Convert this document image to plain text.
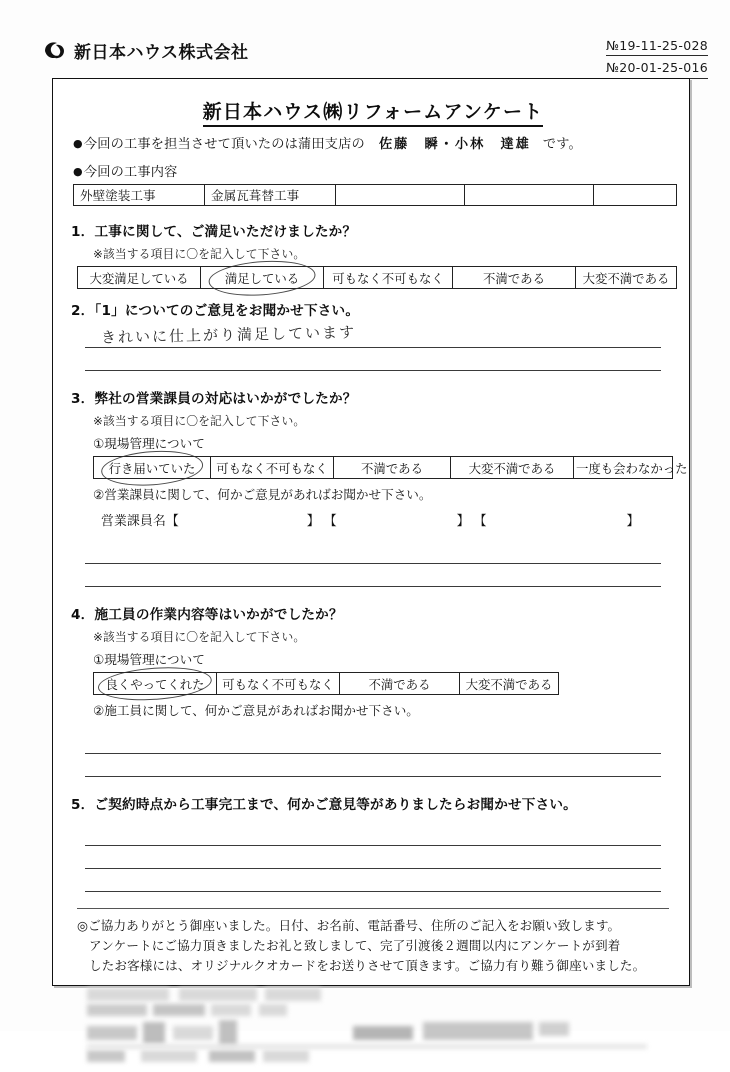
新日本ハウス株式会社	№19-11-25-028
№20-01-25-016
新日本ハウス㈱リフォームアンケート
●今回の工事を担当させて頂いたのは蒲田支店の 佐藤　瞬・小林　達雄 です。
●今回の工事内容
外壁塗装工事	金属瓦葺替工事			
1．工事に関して、ご満足いただけましたか？
※該当する項目に〇を記入して下さい。
大変満足している	満足している	可もなく不可もなく	不満である	大変不満である
2．「1」についてのご意見をお聞かせ下さい。
きれいに仕上がり満足しています
3．弊社の営業課員の対応はいかがでしたか？
※該当する項目に〇を記入して下さい。
①現場管理について
行き届いていた	可もなく不可もなく	不満である	大変不満である	一度も会わなかった
②営業課員に関して、何かご意見があればお聞かせ下さい。
営業課員名【	】 【	】 【	】
4．施工員の作業内容等はいかがでしたか？
※該当する項目に〇を記入して下さい。
①現場管理について
良くやってくれた	可もなく不可もなく	不満である	大変不満である
②施工員に関して、何かご意見があればお聞かせ下さい。
5．ご契約時点から工事完工まで、何かご意見等がありましたらお聞かせ下さい。
◎ご協力ありがとう御座いました。日付、お名前、電話番号、住所のご記入をお願い致します。
アンケートにご協力頂きましたお礼と致しまして、完了引渡後２週間以内にアンケートが到着
したお客様には、オリジナルクオカードをお送りさせて頂きます。ご協力有り難う御座いました。
